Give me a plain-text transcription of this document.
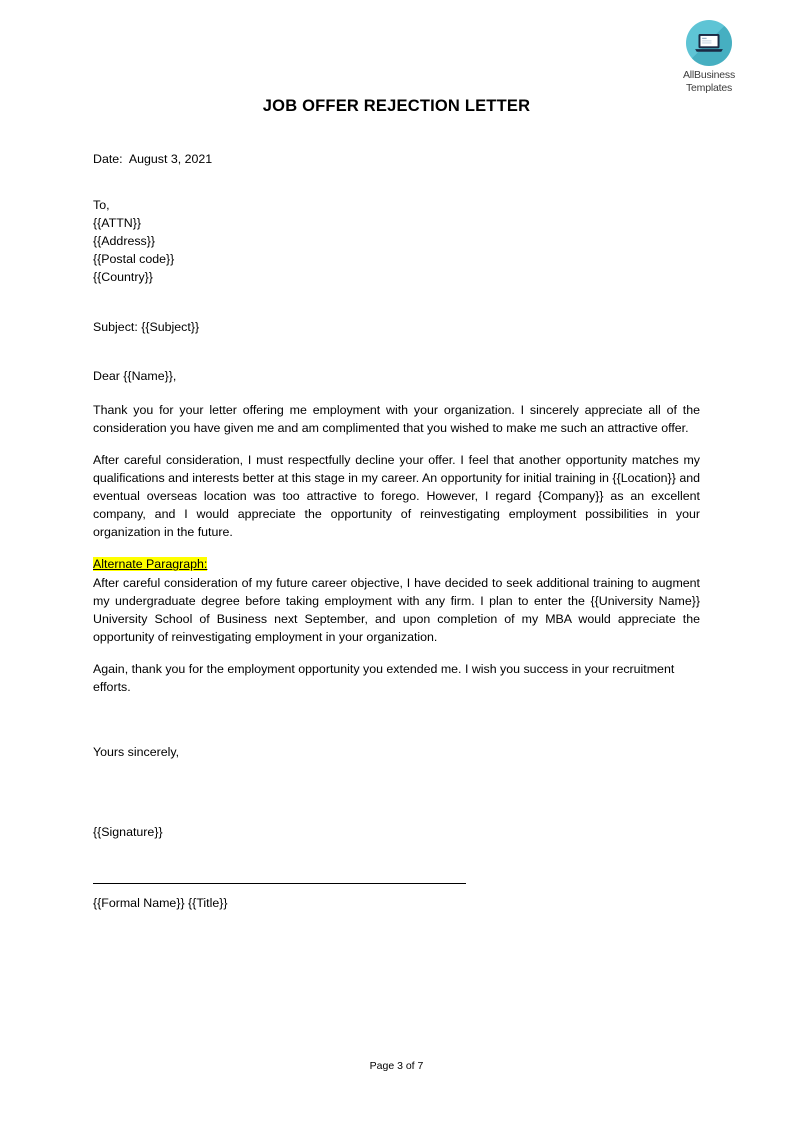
AllBusiness
Templates
JOB OFFER REJECTION LETTER
Date:  August 3, 2021
To,
{{ATTN}}
{{Address}}
{{Postal code}}
{{Country}}
Subject: {{Subject}}
Dear {{Name}},

Thank you for your letter offering me employment with your organization. I sincerely appreciate all of the consideration you have given me and am complimented that you wished to make me such an attractive offer.

After careful consideration, I must respectfully decline your offer. I feel that another opportunity matches my qualifications and interests better at this stage in my career. An opportunity for initial training in {{Location}} and eventual overseas location was too attractive to forego. However, I regard {Company}} as an excellent company, and I would appreciate the opportunity of reinvestigating employment possibilities in your organization in the future.

Alternate Paragraph:

After careful consideration of my future career objective, I have decided to seek additional training to augment my undergraduate degree before taking employment with any firm. I plan to enter the {{University Name}} University School of Business next September, and upon completion of my MBA would appreciate the opportunity of reinvestigating employment in your organization.

Again, thank you for the employment opportunity you extended me. I wish you success in your recruitment efforts.

Yours sincerely,
{{Signature}}
{{Formal Name}} {{Title}}
Page 3 of 7
